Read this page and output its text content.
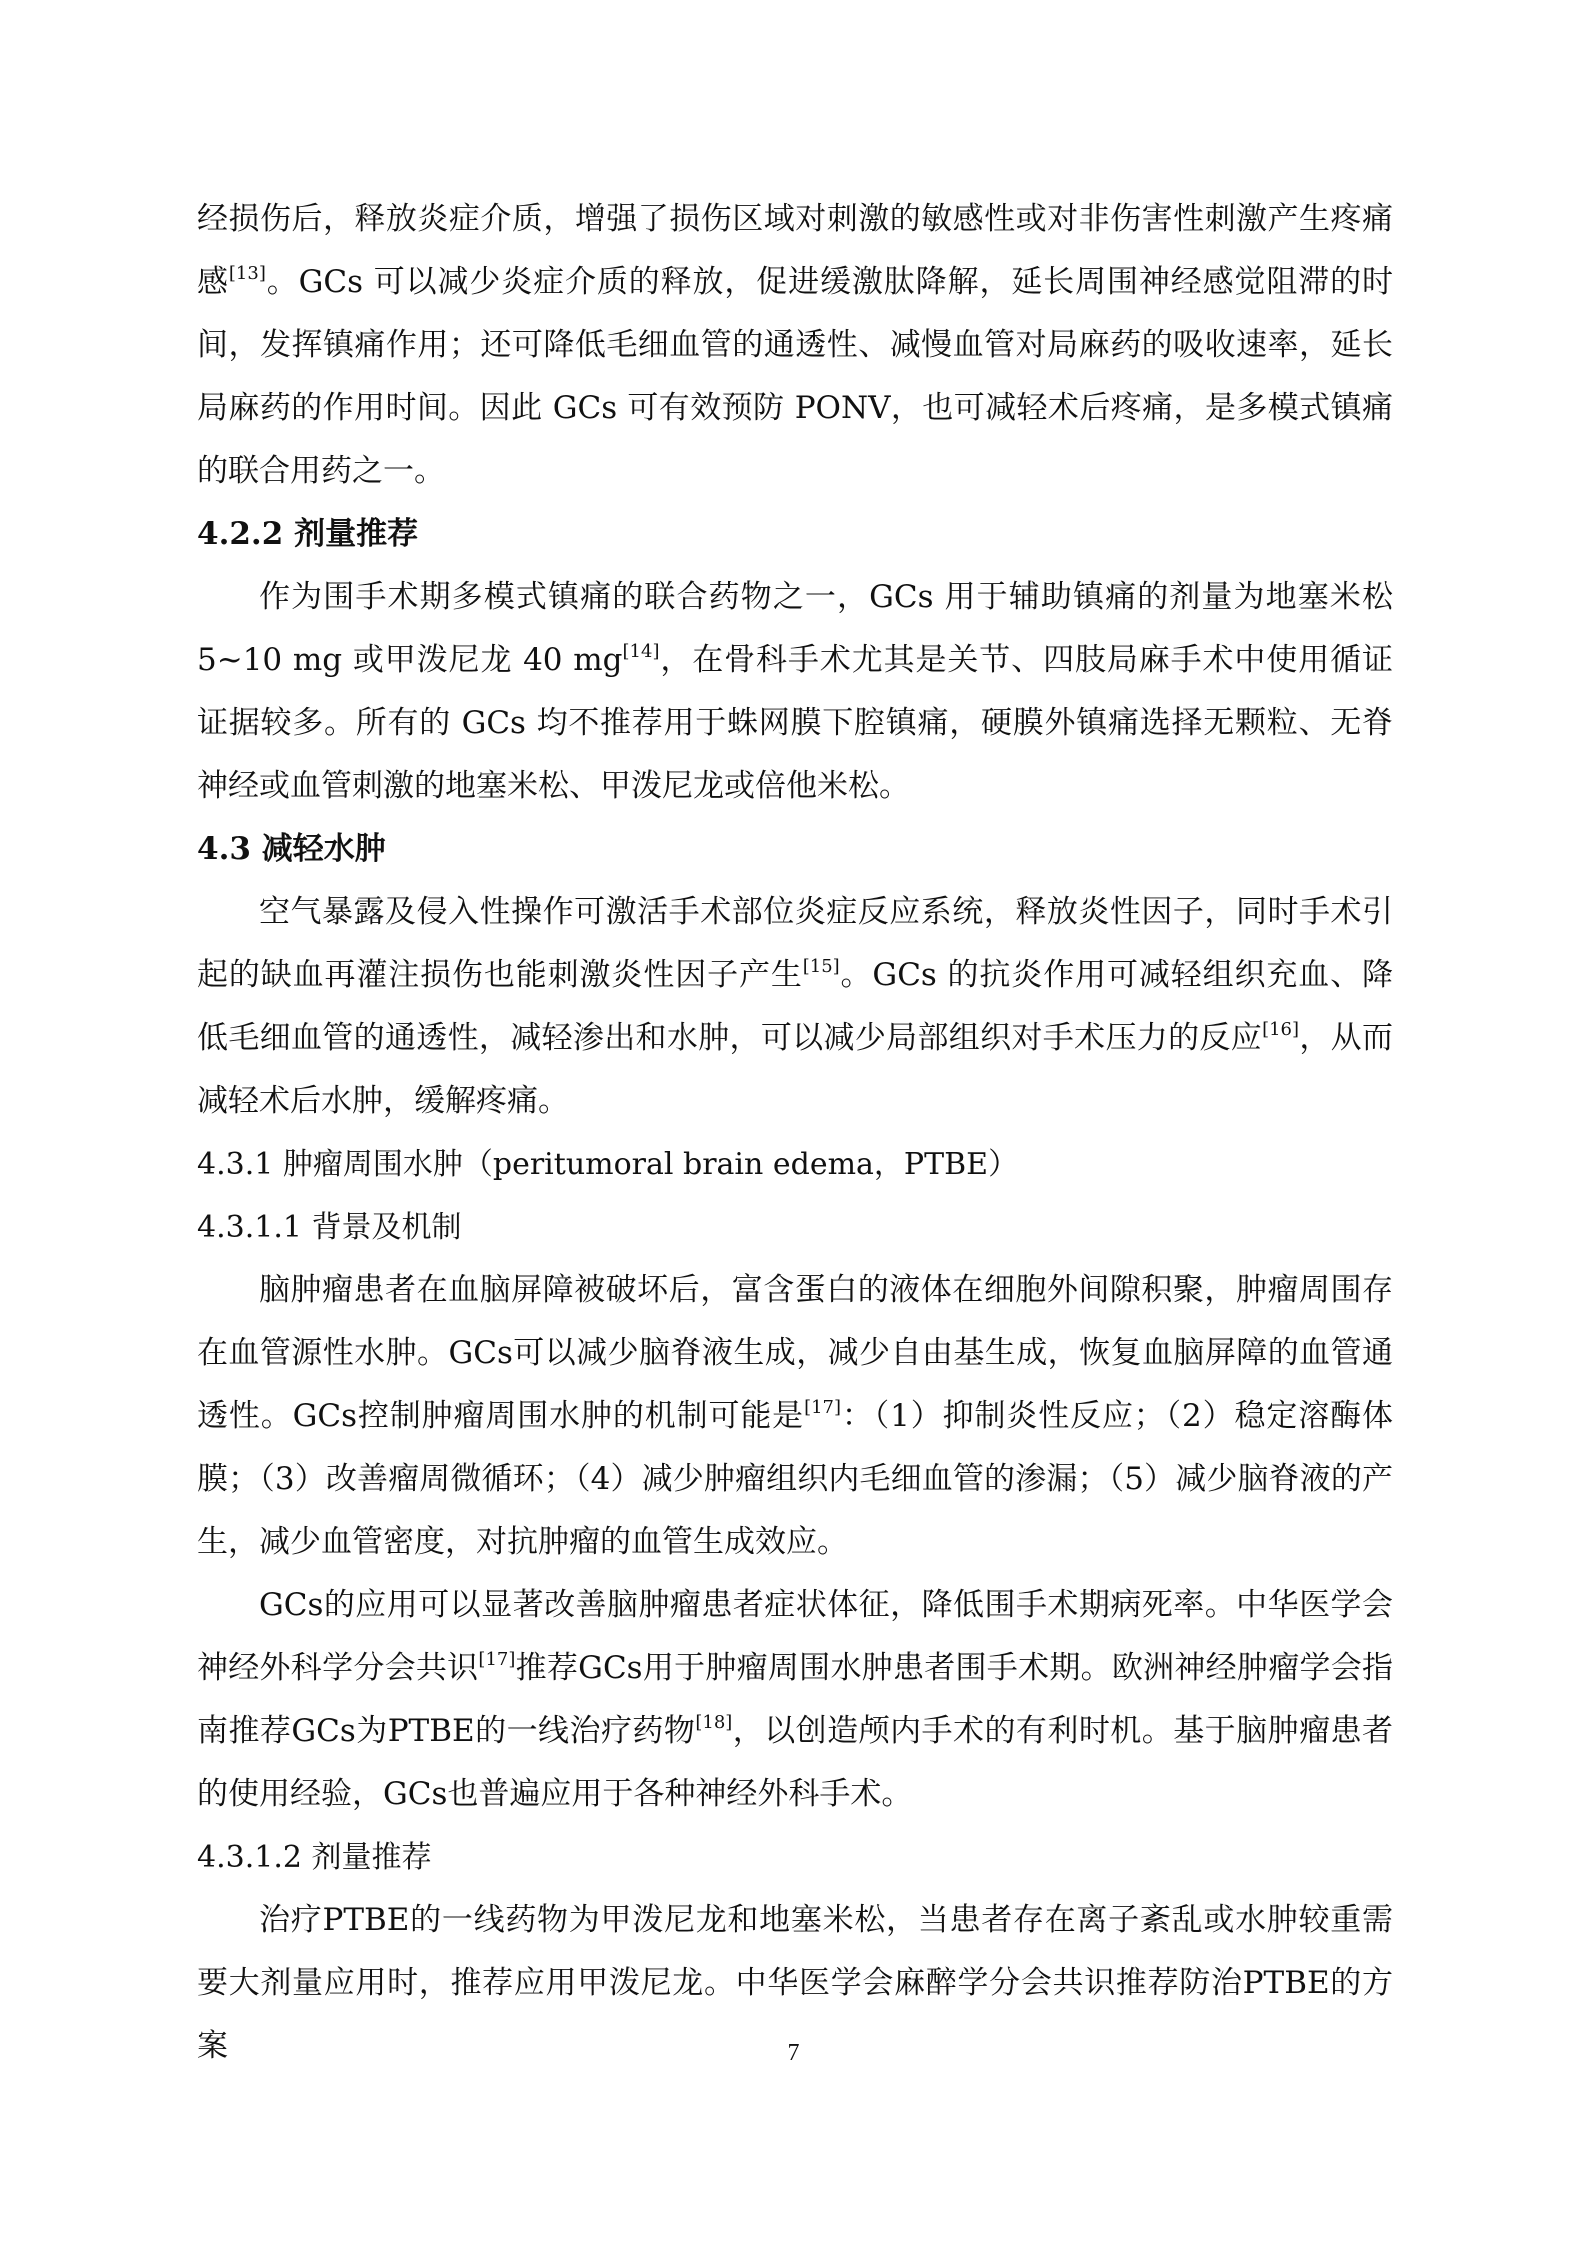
经损伤后，释放炎症介质，增强了损伤区域对刺激的敏感性或对非伤害性刺激产生疼痛感[13]。GCs 可以减少炎症介质的释放，促进缓激肽降解，延长周围神经感觉阻滞的时间，发挥镇痛作用；还可降低毛细血管的通透性、减慢血管对局麻药的吸收速率，延长局麻药的作用时间。因此 GCs 可有效预防 PONV，也可减轻术后疼痛，是多模式镇痛的联合用药之一。

4.2.2 剂量推荐

作为围手术期多模式镇痛的联合药物之一，GCs 用于辅助镇痛的剂量为地塞米松 5~10 mg 或甲泼尼龙 40 mg[14]，在骨科手术尤其是关节、四肢局麻手术中使用循证证据较多。所有的 GCs 均不推荐用于蛛网膜下腔镇痛，硬膜外镇痛选择无颗粒、无脊神经或血管刺激的地塞米松、甲泼尼龙或倍他米松。

4.3 减轻水肿

空气暴露及侵入性操作可激活手术部位炎症反应系统，释放炎性因子，同时手术引起的缺血再灌注损伤也能刺激炎性因子产生[15]。GCs 的抗炎作用可减轻组织充血、降低毛细血管的通透性，减轻渗出和水肿，可以减少局部组织对手术压力的反应[16]，从而减轻术后水肿，缓解疼痛。

4.3.1 肿瘤周围水肿（peritumoral brain edema，PTBE）

4.3.1.1 背景及机制

脑肿瘤患者在血脑屏障被破坏后，富含蛋白的液体在细胞外间隙积聚，肿瘤周围存在血管源性水肿。GCs可以减少脑脊液生成，减少自由基生成，恢复血脑屏障的血管通透性。GCs控制肿瘤周围水肿的机制可能是[17]：（1）抑制炎性反应；（2）稳定溶酶体膜；（3）改善瘤周微循环；（4）减少肿瘤组织内毛细血管的渗漏；（5）减少脑脊液的产生，减少血管密度，对抗肿瘤的血管生成效应。

GCs的应用可以显著改善脑肿瘤患者症状体征，降低围手术期病死率。中华医学会神经外科学分会共识[17]推荐GCs用于肿瘤周围水肿患者围手术期。欧洲神经肿瘤学会指南推荐GCs为PTBE的一线治疗药物[18]，以创造颅内手术的有利时机。基于脑肿瘤患者的使用经验，GCs也普遍应用于各种神经外科手术。

4.3.1.2 剂量推荐

治疗PTBE的一线药物为甲泼尼龙和地塞米松，当患者存在离子紊乱或水肿较重需要大剂量应用时，推荐应用甲泼尼龙。中华医学会麻醉学分会共识推荐防治PTBE的方案	7
